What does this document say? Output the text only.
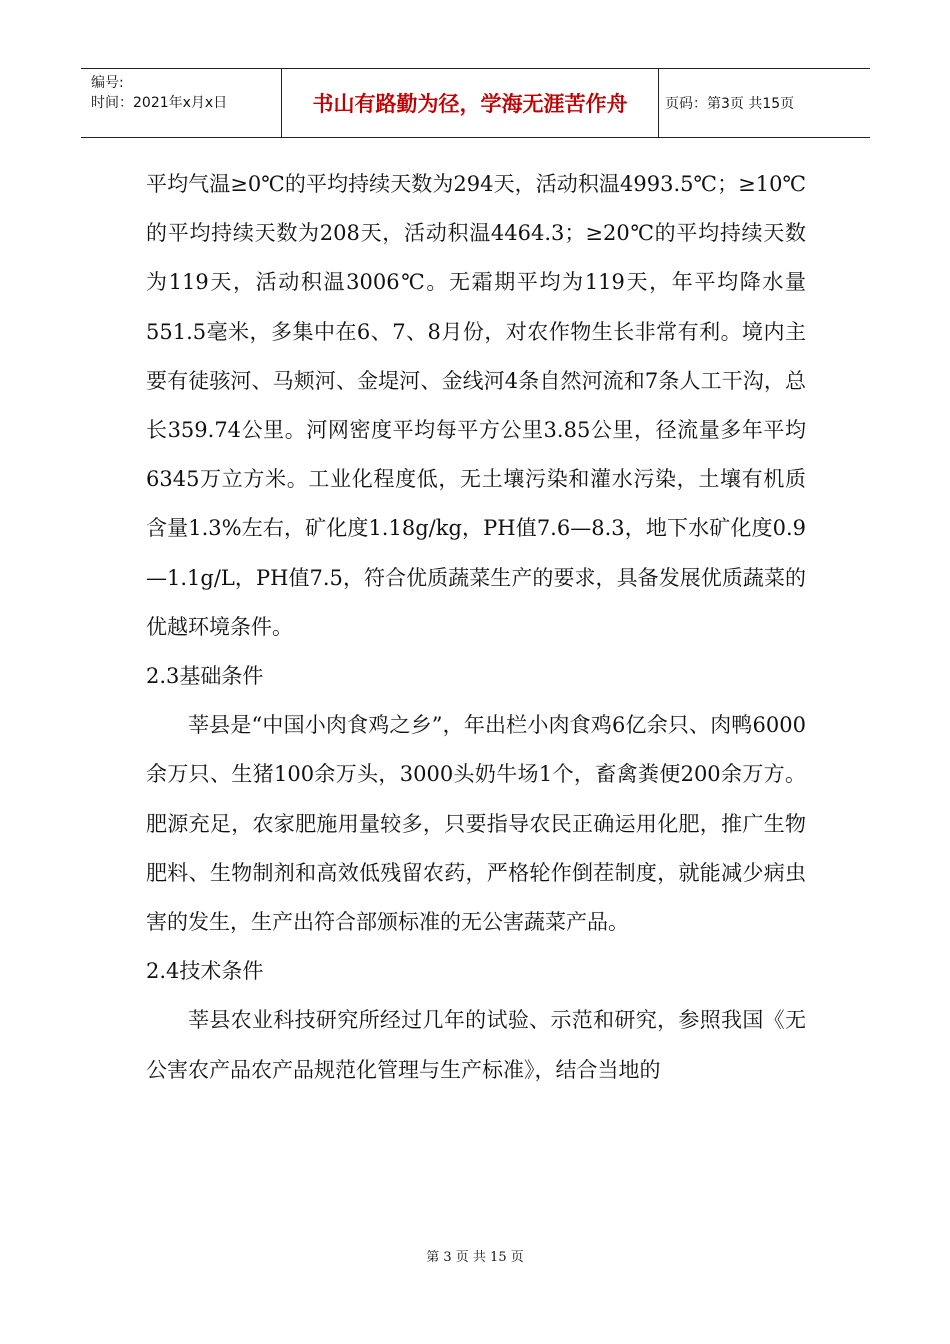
编号:
时间：2021年x月x日	书山有路勤为径，学海无涯苦作舟	页码：第3页 共15页

平均气温≥0℃的平均持续天数为294天，活动积温4993.5℃；≥10℃的平均持续天数为208天，活动积温4464.3；≥20℃的平均持续天数为119天，活动积温3006℃。无霜期平均为119天，年平均降水量551.5毫米，多集中在6、7、8月份，对农作物生长非常有利。境内主要有徒骇河、马颊河、金堤河、金线河4条自然河流和7条人工干沟，总长359.74公里。河网密度平均每平方公里3.85公里，径流量多年平均6345万立方米。工业化程度低，无土壤污染和灌水污染，土壤有机质含量1.3%左右，矿化度1.18g/kg，PH值7.6—8.3，地下水矿化度0.9—1.1g/L，PH值7.5，符合优质蔬菜生产的要求，具备发展优质蔬菜的优越环境条件。

2.3基础条件

莘县是“中国小肉食鸡之乡”，年出栏小肉食鸡6亿余只、肉鸭6000余万只、生猪100余万头，3000头奶牛场1个，畜禽粪便200余万方。肥源充足，农家肥施用量较多，只要指导农民正确运用化肥，推广生物肥料、生物制剂和高效低残留农药，严格轮作倒茬制度，就能减少病虫害的发生，生产出符合部颁标准的无公害蔬菜产品。

2.4技术条件

莘县农业科技研究所经过几年的试验、示范和研究，参照我国《无公害农产品农产品规范化管理与生产标准》，结合当地的

第 3 页 共 15 页
